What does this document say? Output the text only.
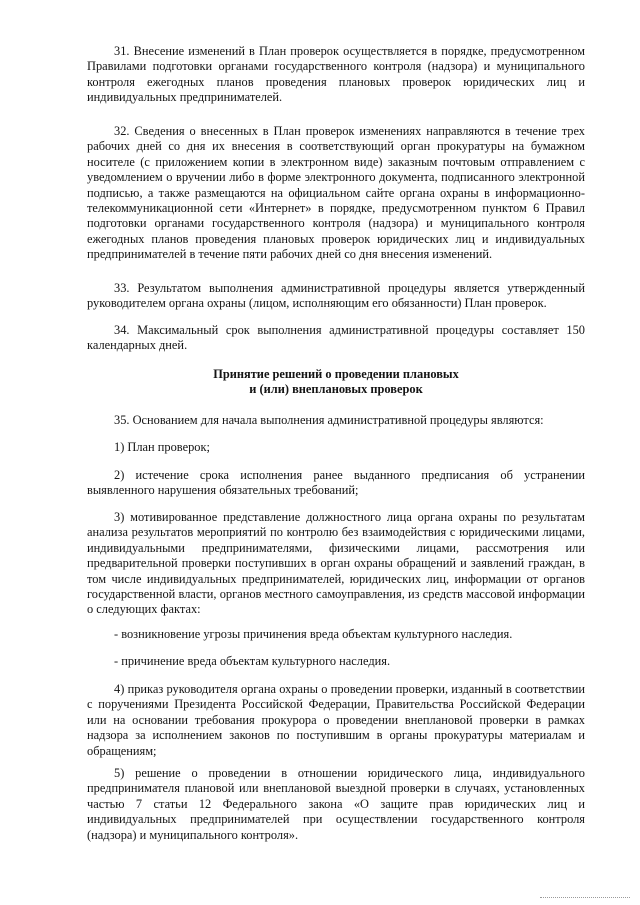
31. Внесение изменений в План проверок осуществляется в порядке, предусмотренном Правилами подготовки органами государственного контроля (надзора) и муниципального контроля ежегодных планов проведения плановых проверок юридических лиц и индивидуальных предпринимателей.

32. Сведения о внесенных в План проверок изменениях направляются в течение трех рабочих дней со дня их внесения в соответствующий орган прокуратуры на бумажном носителе (с приложением копии в электронном виде) заказным почтовым отправлением с уведомлением о вручении либо в форме электронного документа, подписанного электронной подписью, а также размещаются на официальном сайте органа охраны в информационно-телекоммуникационной сети «Интернет» в порядке, предусмотренном пунктом 6 Правил подготовки органами государственного контроля (надзора) и муниципального контроля ежегодных планов проведения плановых проверок юридических лиц и индивидуальных предпринимателей в течение пяти рабочих дней со дня внесения изменений.

33. Результатом выполнения административной процедуры является утвержденный руководителем органа охраны (лицом, исполняющим его обязанности) План проверок.

34. Максимальный срок выполнения административной процедуры составляет 150 календарных дней.

Принятие решений о проведении плановых
и (или) внеплановых проверок

35. Основанием для начала выполнения административной процедуры являются:

1) План проверок;

2) истечение срока исполнения ранее выданного предписания об устранении выявленного нарушения обязательных требований;

3) мотивированное представление должностного лица органа охраны по результатам анализа результатов мероприятий по контролю без взаимодействия с юридическими лицами, индивидуальными предпринимателями, физическими лицами, рассмотрения или предварительной проверки поступивших в орган охраны обращений и заявлений граждан, в том числе индивидуальных предпринимателей, юридических лиц, информации от органов государственной власти, органов местного самоуправления, из средств массовой информации о следующих фактах:

- возникновение угрозы причинения вреда объектам культурного наследия.

- причинение вреда объектам культурного наследия.

4) приказ руководителя органа охраны о проведении проверки, изданный в соответствии с поручениями Президента Российской Федерации, Правительства Российской Федерации или на основании требования прокурора о проведении внеплановой проверки в рамках надзора за исполнением законов по поступившим в органы прокуратуры материалам и обращениям;

5) решение о проведении в отношении юридического лица, индивидуального предпринимателя плановой или внеплановой выездной проверки в случаях, установленных частью 7 статьи 12 Федерального закона «О защите прав юридических лиц и индивидуальных предпринимателей при осуществлении государственного контроля (надзора) и муниципального контроля».
